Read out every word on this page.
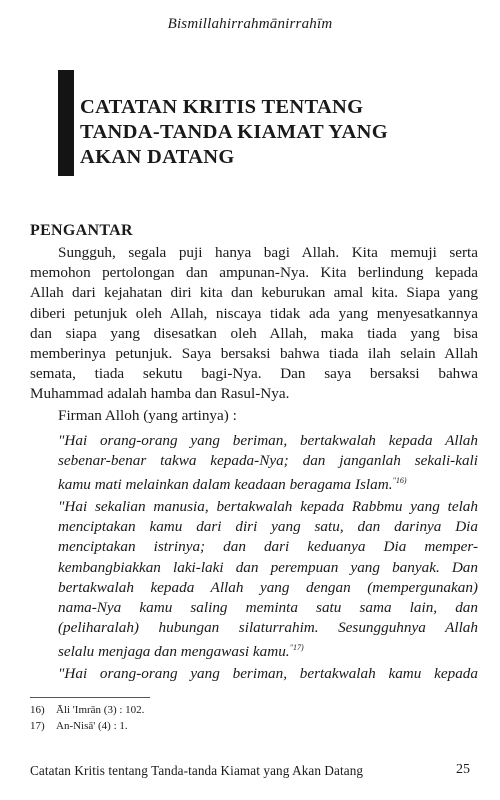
Bismillahirrahmānirrahīm
CATATAN KRITIS TENTANG
TANDA-TANDA KIAMAT YANG
AKAN DATANG
PENGANTAR
Sungguh, segala puji hanya bagi Allah. Kita memuji serta
memohon pertolongan dan ampunan-Nya. Kita berlindung kepada
Allah dari kejahatan diri kita dan keburukan amal kita. Siapa yang
diberi petunjuk oleh Allah, niscaya tidak ada yang menyesatkannya
dan siapa yang disesatkan oleh Allah, maka tiada yang bisa
memberinya petunjuk. Saya bersaksi bahwa tiada ilah selain Allah
semata, tiada sekutu bagi-Nya. Dan saya bersaksi bahwa
Muhammad adalah hamba dan Rasul-Nya.
Firman Alloh (yang artinya) :
"Hai orang-orang yang beriman, bertakwalah kepada Allah
sebenar-benar takwa kepada-Nya; dan janganlah sekali-kali
kamu mati melainkan dalam keadaan beragama Islam.$^{"16)}$
"Hai sekalian manusia, bertakwalah kepada Rabbmu yang telah
menciptakan kamu dari diri yang satu, dan darinya Dia
menciptakan istrinya; dan dari keduanya Dia memper-
kembangbiakkan laki-laki dan perempuan yang banyak. Dan
bertakwalah kepada Allah yang dengan (mempergunakan)
nama-Nya kamu saling meminta satu sama lain, dan
(peliharalah) hubungan silaturrahim. Sesungguhnya Allah
selalu menjaga dan mengawasi kamu.$^{"17)}$
"Hai orang-orang yang beriman, bertakwalah kamu kepada
16) Āli 'Imrān (3) : 102.
17) An-Nisā' (4) : 1.
Catatan Kritis tentang Tanda-tanda Kiamat yang Akan Datang	25
